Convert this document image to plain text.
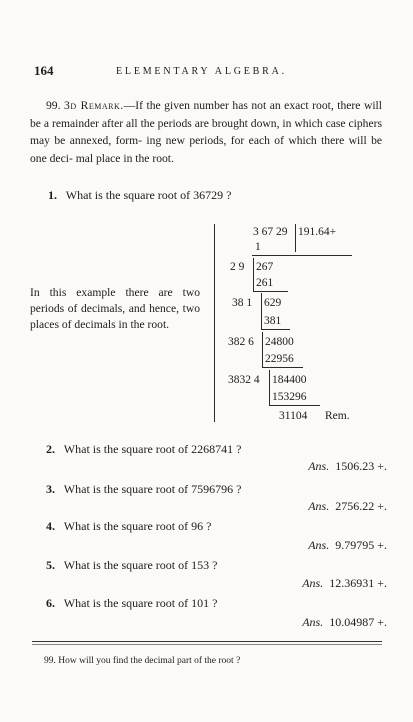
164	ELEMENTARY ALGEBRA.
99. 3d Remark.—If the given number has not an exact root, there will be a remainder after all the periods are brought down, in which case ciphers may be annexed, form- ing new periods, for each of which there will be one deci- mal place in the root.
1. What is the square root of 36729 ?
In this example there are two periods of decimals, and hence, two places of decimals in the root.
3 67 29 191.64+
1
2 9 267
261
38 1 629
381
382 6 24800
22956
3832 4 184400
153296
31104 Rem.
2. What is the square root of 2268741 ?
Ans. 1506.23 +.
3. What is the square root of 7596796 ?
Ans. 2756.22 +.
4. What is the square root of 96 ?
Ans. 9.79795 +.
5. What is the square root of 153 ?
Ans. 12.36931 +.
6. What is the square root of 101 ?
Ans. 10.04987 +.
99. How will you find the decimal part of the root ?
